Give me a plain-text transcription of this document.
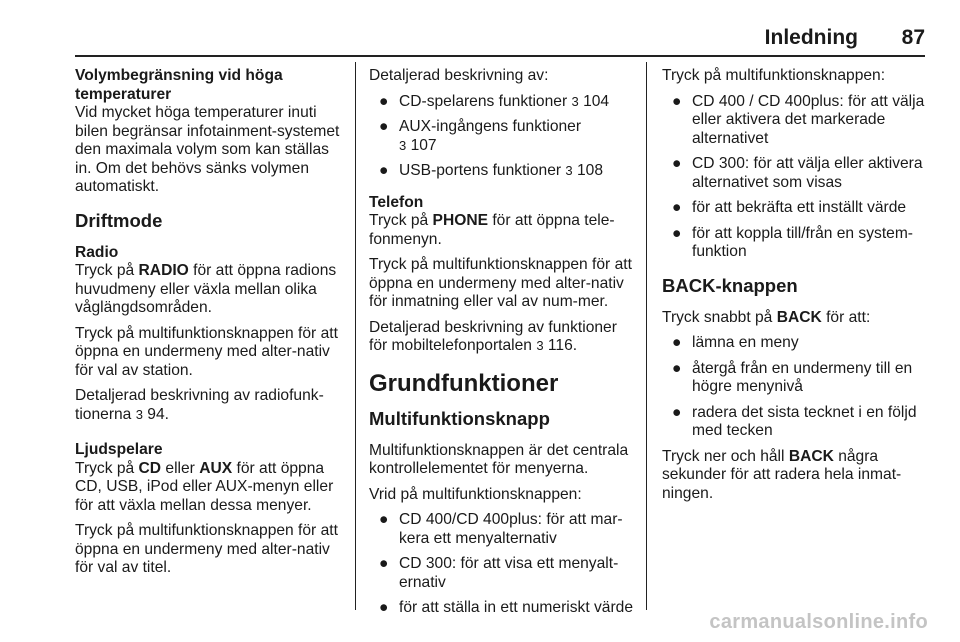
Inledning 87
Volymbegränsning vid höga temperaturer
Vid mycket höga temperaturer inuti bilen begränsar infotainment-systemet den maximala volym som kan ställas in. Om det behövs sänks volymen automatiskt.
Driftmode
Radio
Tryck på RADIO för att öppna radions huvudmeny eller växla mellan olika våglängdsområden.
Tryck på multifunktionsknappen för att öppna en undermeny med alter-nativ för val av station.
Detaljerad beskrivning av radiofunk-tionerna 3 94.
Ljudspelare
Tryck på CD eller AUX för att öppna CD, USB, iPod eller AUX-menyn eller för att växla mellan dessa menyer.
Tryck på multifunktionsknappen för att öppna en undermeny med alter-nativ för val av titel.
Detaljerad beskrivning av:
● CD-spelarens funktioner 3 104
● AUX-ingångens funktioner
3 107
● USB-portens funktioner 3 108
Telefon
Tryck på PHONE för att öppna tele-fonmenyn.
Tryck på multifunktionsknappen för att öppna en undermeny med alter-nativ för inmatning eller val av num-mer.
Detaljerad beskrivning av funktioner för mobiltelefonportalen 3 116.
Grundfunktioner
Multifunktionsknapp
Multifunktionsknappen är det centrala kontrollelementet för menyerna.
Vrid på multifunktionsknappen:
● CD 400/CD 400plus: för att mar-kera ett menyalternativ
● CD 300: för att visa ett menyalt-ernativ
● för att ställa in ett numeriskt värde
Tryck på multifunktionsknappen:
● CD 400 / CD 400plus: för att välja eller aktivera det markerade alternativet
● CD 300: för att välja eller aktivera alternativet som visas
● för att bekräfta ett inställt värde
● för att koppla till/från en system-funktion
BACK-knappen
Tryck snabbt på BACK för att:
● lämna en meny
● återgå från en undermeny till en högre menynivå
● radera det sista tecknet i en följd med tecken
Tryck ner och håll BACK några sekunder för att radera hela inmat-ningen.
carmanualsonline.info
